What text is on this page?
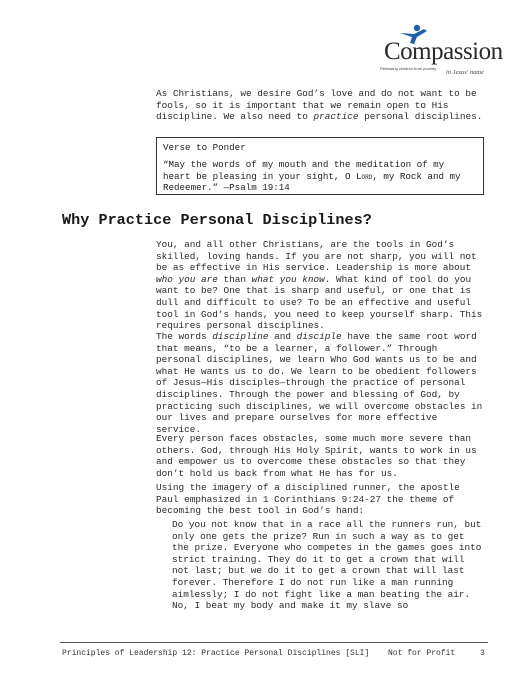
Releasing children from poverty
Compassion
in Jesus' name

As Christians, we desire God’s love and do not want to be fools, so it is important that we remain open to His discipline. We also need to practice personal disciplines.

Verse to Ponder

“May the words of my mouth and the meditation of my heart be pleasing in your sight, O Lord, my Rock and my Redeemer.” —Psalm 19:14

Why Practice Personal Disciplines?

You, and all other Christians, are the tools in God’s skilled, loving hands. If you are not sharp, you will not be as effective in His service. Leadership is more about who you are than what you know. What kind of tool do you want to be? One that is sharp and useful, or one that is dull and difficult to use? To be an effective and useful tool in God’s hands, you need to keep yourself sharp. This requires personal disciplines.

The words discipline and disciple have the same root word that means, “to be a learner, a follower.” Through personal disciplines, we learn Who God wants us to be and what He wants us to do. We learn to be obedient followers of Jesus—His disciples—through the practice of personal disciplines. Through the power and blessing of God, by practicing such disciplines, we will overcome obstacles in our lives and prepare ourselves for more effective service.

Every person faces obstacles, some much more severe than others. God, through His Holy Spirit, wants to work in us and empower us to overcome these obstacles so that they don’t hold us back from what He has for us.

Using the imagery of a disciplined runner, the apostle Paul emphasized in 1 Corinthians 9:24-27 the theme of becoming the best tool in God’s hand:

Do you not know that in a race all the runners run, but only one gets the prize? Run in such a way as to get the prize. Everyone who competes in the games goes into strict training. They do it to get a crown that will not last; but we do it to get a crown that will last forever. Therefore I do not run like a man running aimlessly; I do not fight like a man beating the air. No, I beat my body and make it my slave so

Principles of Leadership 12: Practice Personal Disciplines [SLI] Not for Profit	3
